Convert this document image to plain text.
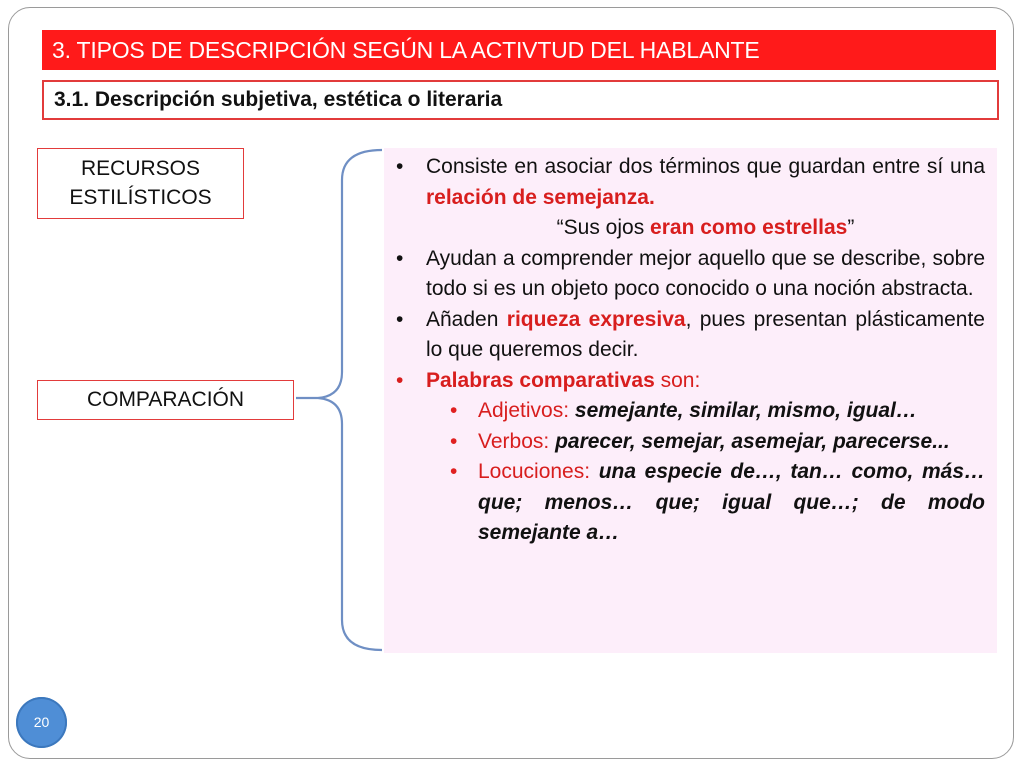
3. TIPOS DE DESCRIPCIÓN SEGÚN LA ACTIVTUD DEL HABLANTE
3.1. Descripción subjetiva, estética o literaria
RECURSOS
ESTILÍSTICOS
COMPARACIÓN
• Consiste en asociar dos términos que guardan entre sí una relación de semejanza.
“Sus ojos eran como estrellas”
• Ayudan a comprender mejor aquello que se describe, sobre todo si es un objeto poco conocido o una noción abstracta.
• Añaden riqueza expresiva, pues presentan plásticamente lo que queremos decir.
• Palabras comparativas son:
• Adjetivos: semejante, similar, mismo, igual…
• Verbos: parecer, semejar, asemejar, parecerse...
• Locuciones: una especie de…, tan… como, más… que; menos… que; igual que…; de modo semejante a…
20
